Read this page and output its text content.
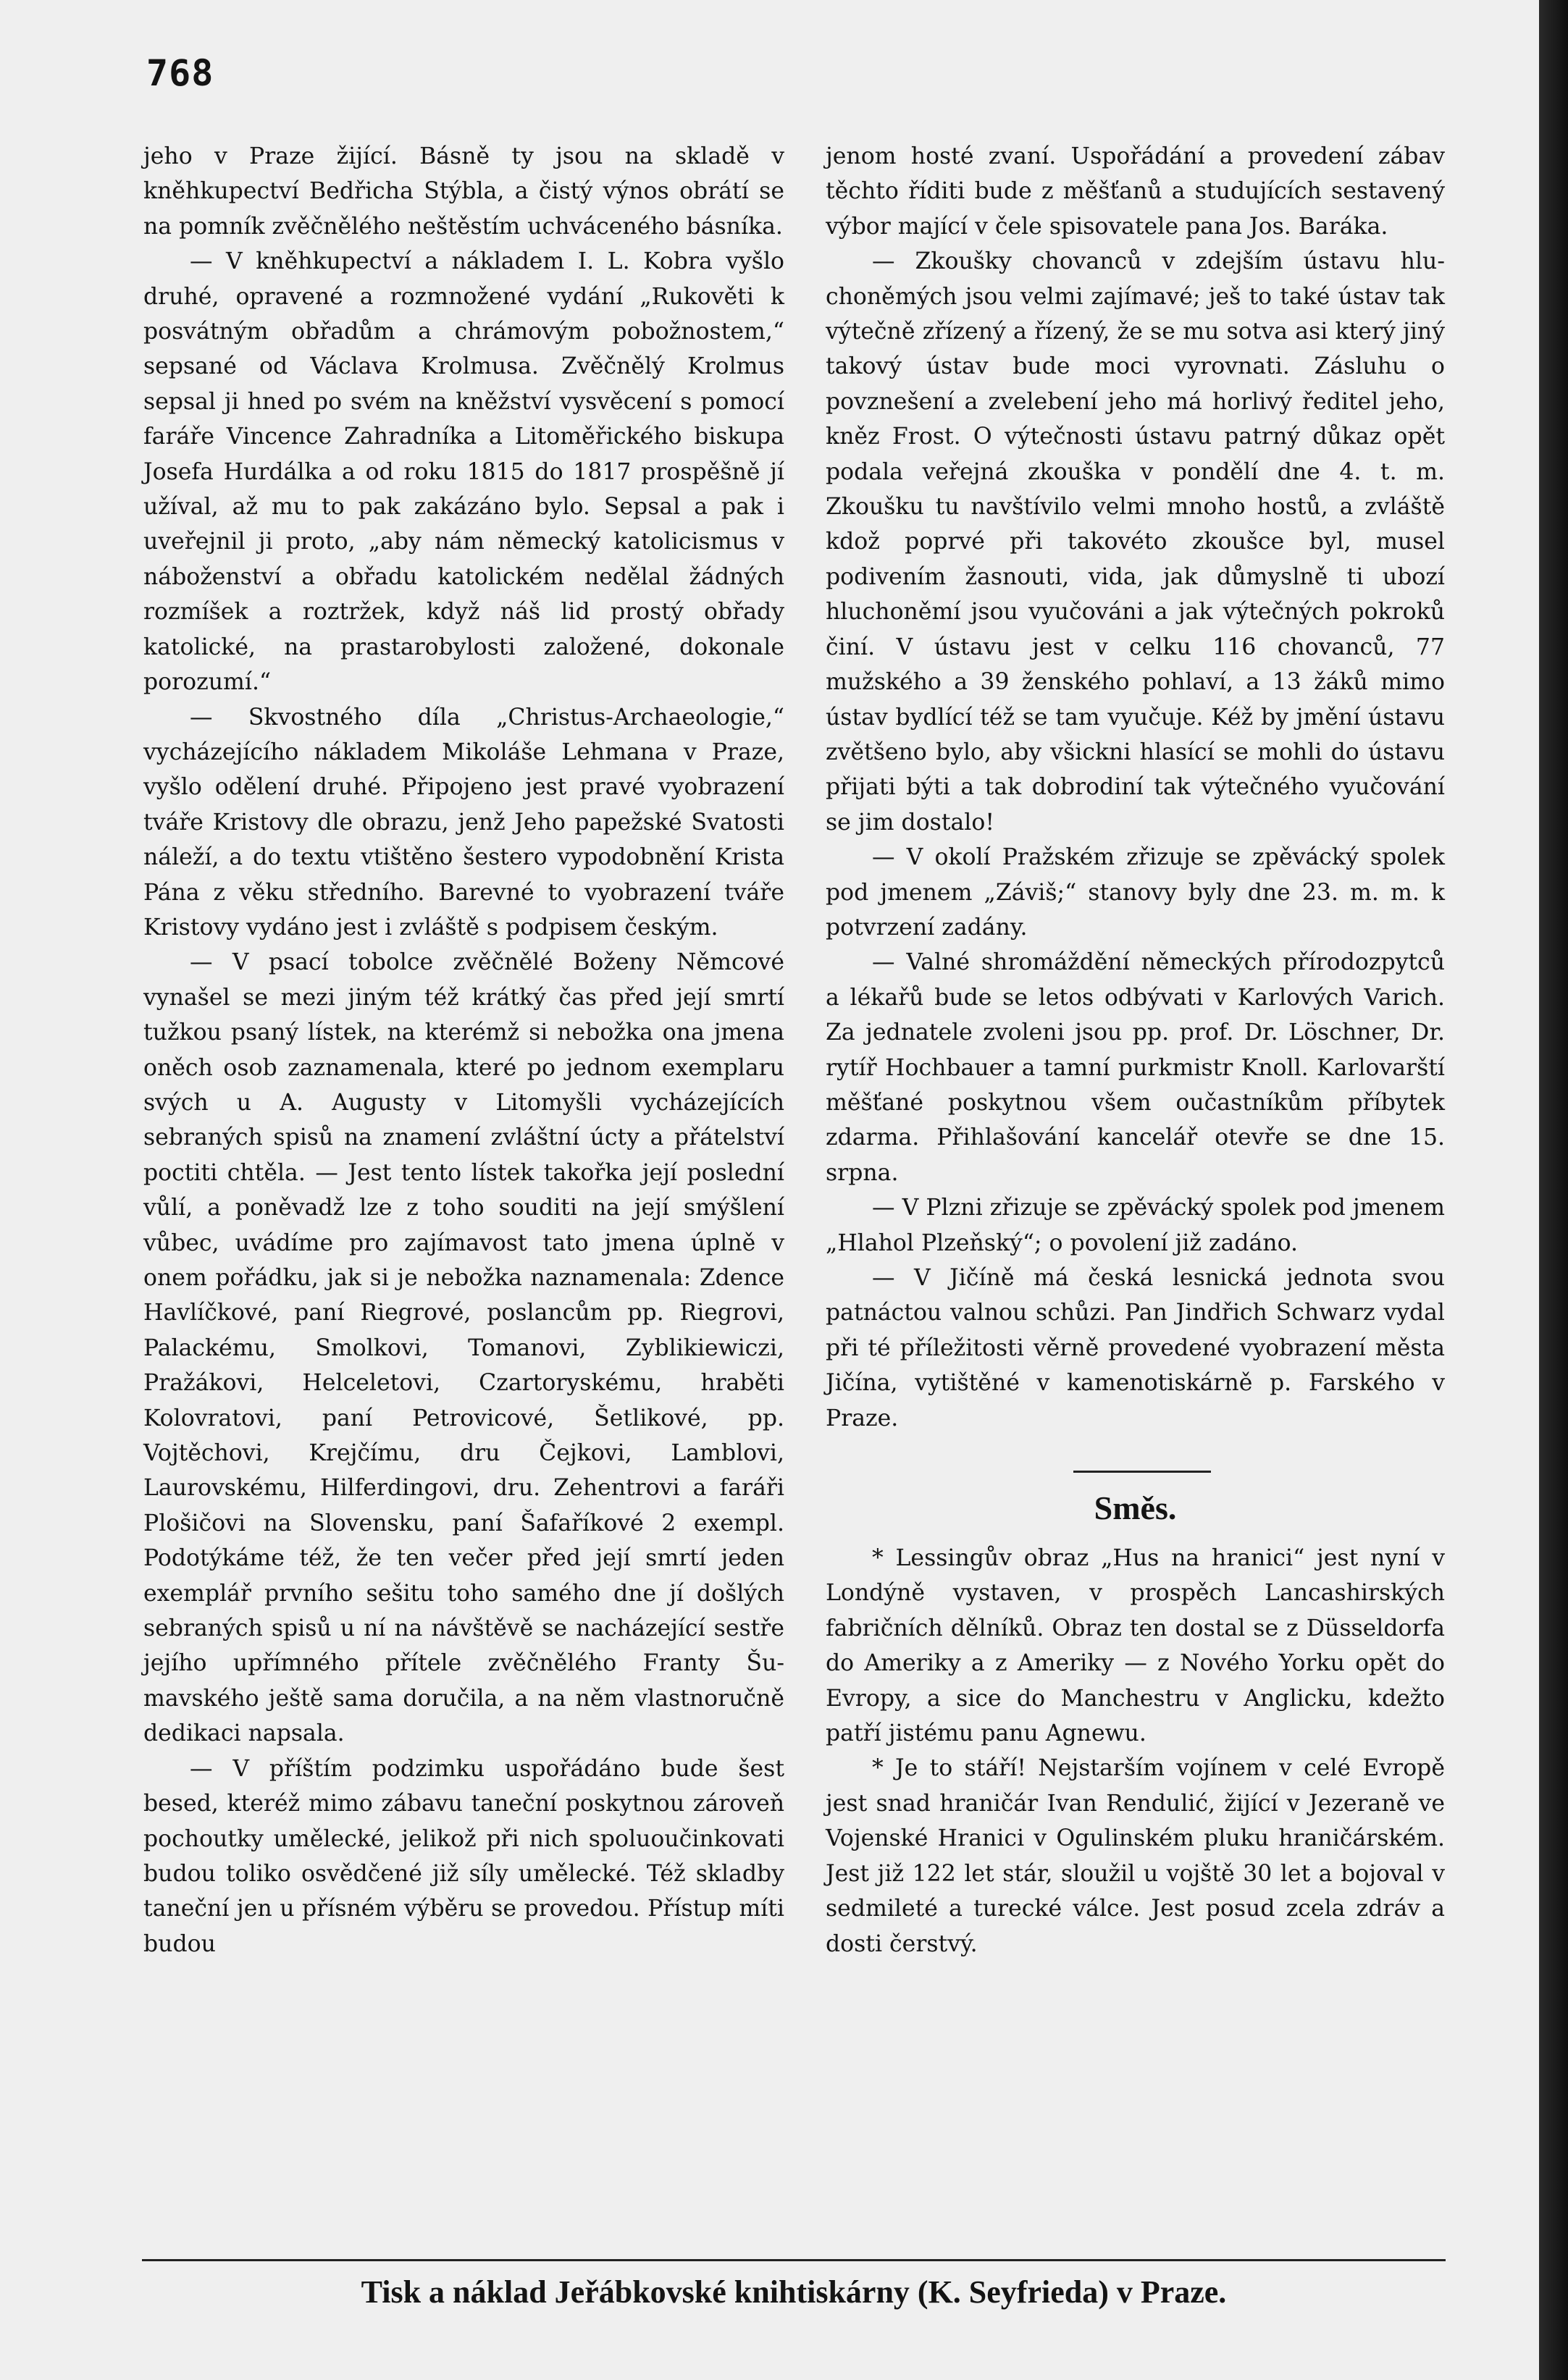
768

jeho v Praze žijící. Básně ty jsou na skladě v kněhkupectví Bedřicha Stýbla, a čistý výnos obrátí se na pomník zvěčnělého neštěstím uchváceného básníka.

— V kněhkupectví a nákladem I. L. Kobra vyšlo druhé, opravené a rozmnožené vydání „Rukověti k posvátným obřadům a chrámovým pobožnostem,“ sepsané od Václava Krolmusa. Zvěčnělý Krolmus sepsal ji hned po svém na kněžství vysvěcení s pomocí faráře Vincence Zahradníka a Litoměřického biskupa Josefa Hurdálka a od roku 1815 do 1817 prospěšně jí užíval, až mu to pak zakázáno bylo. Sepsal a pak i uveřejnil ji proto, „aby nám německý katolicismus v náboženství a obřadu katolickém nedělal žádných rozmíšek a roztržek, když náš lid prostý obřady katolické, na prastarobylosti založené, dokonale porozumí.“

— Skvostného díla „Christus-Archaeologie,“ vycházejícího nákladem Mikoláše Lehmana v Praze, vyšlo odělení druhé. Připojeno jest pravé vyobrazení tváře Kristovy dle obrazu, jenž Jeho papežské Svatosti náleží, a do textu vtištěno šestero vypodobnění Krista Pána z věku středního. Barevné to vyobrazení tváře Kristovy vydáno jest i zvláště s podpisem českým.

— V psací tobolce zvěčnělé Boženy Němcové vynašel se mezi jiným též krátký čas před její smrtí tužkou psaný lístek, na kterémž si nebožka ona jmena oněch osob zaznamenala, které po jednom exemplaru svých u A. Augusty v Litomyšli vycházejících sebraných spisů na znamení zvláštní úcty a přátelství poctiti chtěla. — Jest tento lístek takořka její poslední vůlí, a poněvadž lze z toho souditi na její smýšlení vůbec, uvádíme pro zajímavost tato jmena úplně v onem pořádku, jak si je nebožka naznamenala: Zdence Havlíčkové, paní Riegrové, poslancům pp. Riegrovi, Palackému, Smolkovi, Tomanovi, Zyblikiewiczi, Pražákovi, Helceletovi, Czartoryskému, hraběti Kolovratovi, paní Petrovicové, Šetlikové, pp. Vojtěchovi, Krejčímu, dru Čejkovi, Lamblovi, Laurovskému, Hilferdingovi, dru. Zehentrovi a faráři Plošičovi na Slovensku, paní Šafaříkové 2 exempl. Podotýkáme též, že ten večer před její smrtí jeden exemplář prvního sešitu toho samého dne jí došlých sebraných spisů u ní na návštěvě se nacházející sestře jejího upřímného přítele zvěčnělého Franty Šumavského ještě sama doručila, a na něm vlastnoručně dedikaci napsala.

— V příštím podzimku uspořádáno bude šest besed, kteréž mimo zábavu taneční poskytnou zároveň pochoutky umělecké, jelikož při nich spoluoučinkovati budou toliko osvědčené již síly umělecké. Též skladby taneční jen u přísném výběru se provedou. Přístup míti budou

jenom hosté zvaní. Uspořádání a provedení zábav těchto říditi bude z měšťanů a studujících sestavený výbor mající v čele spisovatele pana Jos. Baráka.

— Zkoušky chovanců v zdejším ústavu hluchoněmých jsou velmi zajímavé; ješ to také ústav tak výtečně zřízený a řízený, že se mu sotva asi který jiný takový ústav bude moci vyrovnati. Zásluhu o povznešení a zvelebení jeho má horlivý ředitel jeho, kněz Frost. O výtečnosti ústavu patrný důkaz opět podala veřejná zkouška v pondělí dne 4. t. m. Zkoušku tu navštívilo velmi mnoho hostů, a zvláště kdož poprvé při takovéto zkoušce byl, musel podivením žasnouti, vida, jak důmyslně ti ubozí hluchoněmí jsou vyučováni a jak výtečných pokroků činí. V ústavu jest v celku 116 chovanců, 77 mužského a 39 ženského pohlaví, a 13 žáků mimo ústav bydlící též se tam vyučuje. Kéž by jmění ústavu zvětšeno bylo, aby všickni hlasící se mohli do ústavu přijati býti a tak dobrodiní tak výtečného vyučování se jim dostalo!

— V okolí Pražském zřizuje se zpěvácký spolek pod jmenem „Záviš;“ stanovy byly dne 23. m. m. k potvrzení zadány.

— Valné shromáždění německých přírodozpytců a lékařů bude se letos odbývati v Karlových Varich. Za jednatele zvoleni jsou pp. prof. Dr. Löschner, Dr. rytíř Hochbauer a tamní purkmistr Knoll. Karlovarští měšťané poskytnou všem oučastníkům příbytek zdarma. Přihlašování kancelář otevře se dne 15. srpna.

— V Plzni zřizuje se zpěvácký spolek pod jmenem „Hlahol Plzeňský“; o povolení již zadáno.

— V Jičíně má česká lesnická jednota svou patnáctou valnou schůzi. Pan Jindřich Schwarz vydal při té příležitosti věrně provedené vyobrazení města Jičína, vytištěné v kamenotiskárně p. Farského v Praze.

Směs.

* Lessingův obraz „Hus na hranici“ jest nyní v Londýně vystaven, v prospěch Lancashirských fabričních dělníků. Obraz ten dostal se z Düsseldorfa do Ameriky a z Ameriky — z Nového Yorku opět do Evropy, a sice do Manchestru v Anglicku, kdežto patří jistému panu Agnewu.

* Je to stáří! Nejstarším vojínem v celé Evropě jest snad hraničár Ivan Rendulić, žijící v Jezeraně ve Vojenské Hranici v Ogulinském pluku hraničárském. Jest již 122 let stár, sloužil u vojště 30 let a bojoval v sedmileté a turecké válce. Jest posud zcela zdráv a dosti čerstvý.

Tisk a náklad Jeřábkovské knihtiskárny (K. Seyfrieda) v Praze.
